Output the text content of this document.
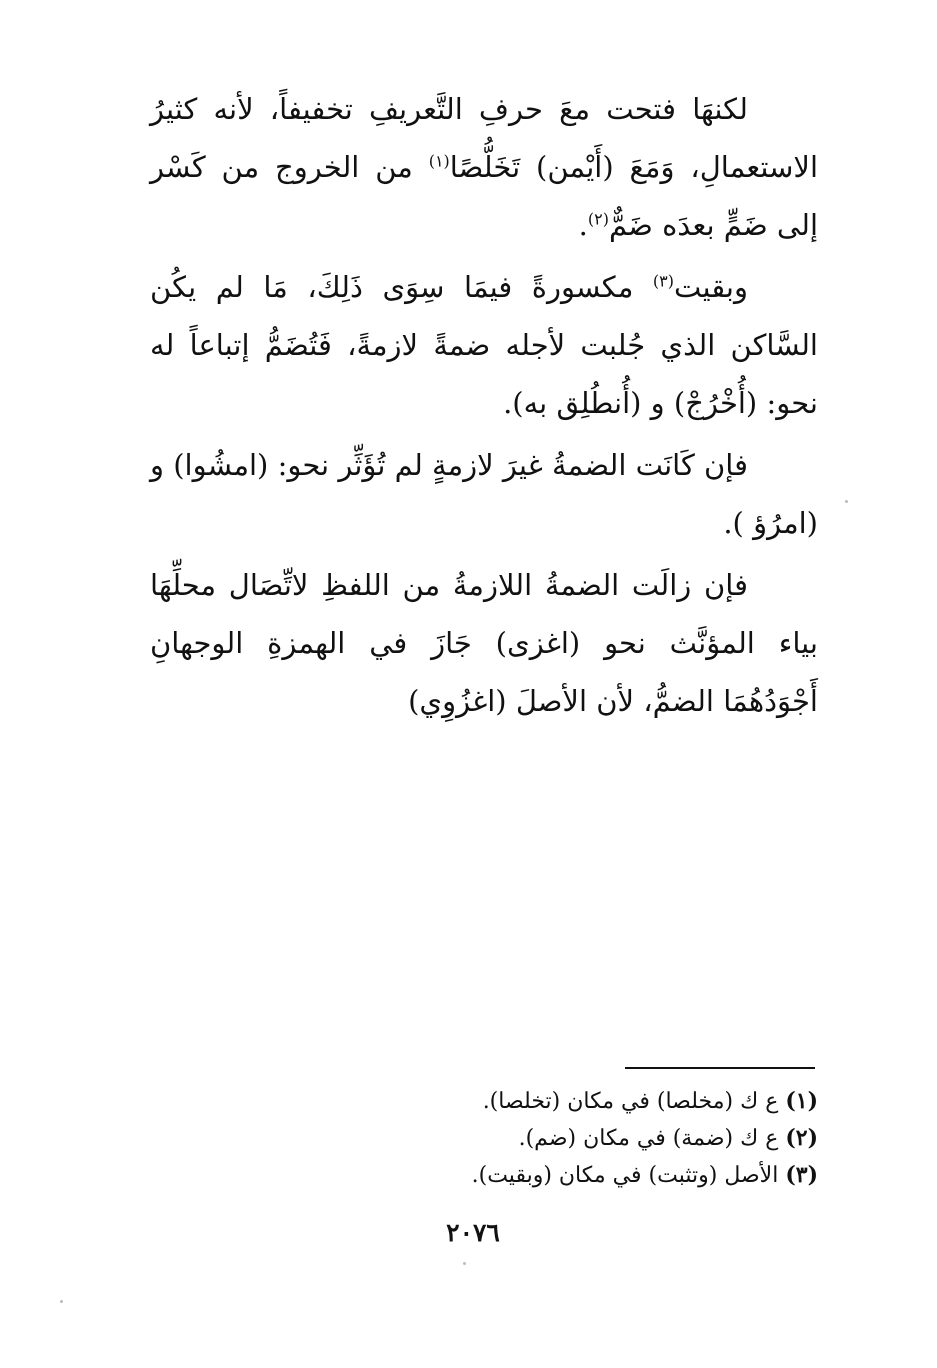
لكنهَا فتحت معَ حرفِ التَّعريفِ تخفيفاً، لأنه كثيرُ الاستعمالِ، وَمَعَ (أَيْمن) تَخَلُّصًا$^{(١)}$ من الخروج من كَسْر إلى ضَمٍّ بعدَه ضَمٌّ$^{(٢)}$.

وبقيت$^{(٣)}$ مكسورةً فيمَا سِوَى ذَلِكَ، مَا لم يكُن السَّاكن الذي جُلبت لأجله ضمةً لازمةً، فَتُضَمُّ إتباعاً له نحو: (أُخْرُجْ) و (أُنطُلِق به).

فإن كَانَت الضمةُ غيرَ لازمةٍ لم تُؤَثِّر نحو: (امشُوا) و (امرُؤ ).

فإن زالَت الضمةُ اللازمةُ من اللفظِ لاتِّصَال محلِّهَا بياء المؤنَّث نحو (اغزى) جَازَ في الهمزةِ الوجهانِ أَجْوَدُهُمَا الضمُّ، لأن الأصلَ (اغزُوِي)

(١) ع ك (مخلصا) في مكان (تخلصا).

(٢) ع ك (ضمة) في مكان (ضم).

(٣) الأصل (وتثبت) في مكان (وبقيت).

٢٠٧٦
